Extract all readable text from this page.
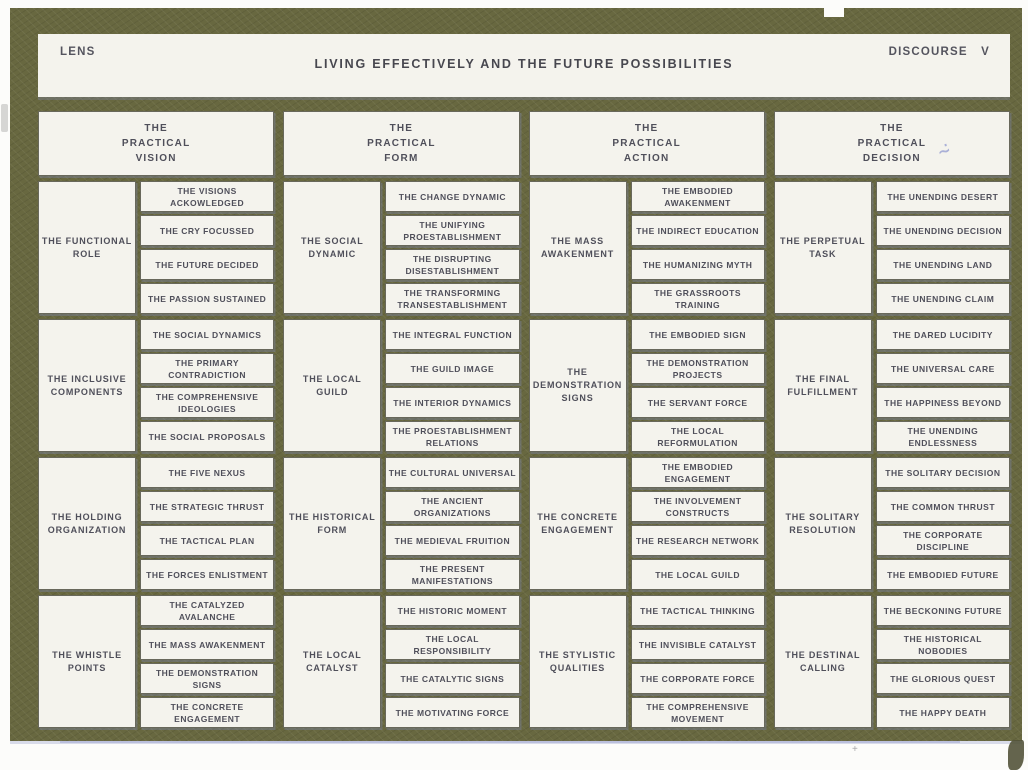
LENS
LIVING EFFECTIVELY AND THE FUTURE POSSIBILITIES
DISCOURSE V
THE PRACTICAL VISION
THE PRACTICAL FORM
THE PRACTICAL ACTION
THE PRACTICAL DECISION
THE FUNCTIONAL ROLE
THE VISIONS ACKOWLEDGED
THE CRY FOCUSSED
THE FUTURE DECIDED
THE PASSION SUSTAINED
THE SOCIAL DYNAMIC
THE CHANGE DYNAMIC
THE UNIFYING PROESTABLISHMENT
THE DISRUPTING DISESTABLISHMENT
THE TRANSFORMING TRANSESTABLISHMENT
THE MASS AWAKENMENT
THE EMBODIED AWAKENMENT
THE INDIRECT EDUCATION
THE HUMANIZING MYTH
THE GRASSROOTS TRAINING
THE PERPETUAL TASK
THE UNENDING DESERT
THE UNENDING DECISION
THE UNENDING LAND
THE UNENDING CLAIM
THE INCLUSIVE COMPONENTS
THE SOCIAL DYNAMICS
THE PRIMARY CONTRADICTION
THE COMPREHENSIVE IDEOLOGIES
THE SOCIAL PROPOSALS
THE LOCAL GUILD
THE INTEGRAL FUNCTION
THE GUILD IMAGE
THE INTERIOR DYNAMICS
THE PROESTABLISHMENT RELATIONS
THE DEMONSTRATION SIGNS
THE EMBODIED SIGN
THE DEMONSTRATION PROJECTS
THE SERVANT FORCE
THE LOCAL REFORMULATION
THE FINAL FULFILLMENT
THE DARED LUCIDITY
THE UNIVERSAL CARE
THE HAPPINESS BEYOND
THE UNENDING ENDLESSNESS
THE HOLDING ORGANIZATION
THE FIVE NEXUS
THE STRATEGIC THRUST
THE TACTICAL PLAN
THE FORCES ENLISTMENT
THE HISTORICAL FORM
THE CULTURAL UNIVERSAL
THE ANCIENT ORGANIZATIONS
THE MEDIEVAL FRUITION
THE PRESENT MANIFESTATIONS
THE CONCRETE ENGAGEMENT
THE EMBODIED ENGAGEMENT
THE INVOLVEMENT CONSTRUCTS
THE RESEARCH NETWORK
THE LOCAL GUILD
THE SOLITARY RESOLUTION
THE SOLITARY DECISION
THE COMMON THRUST
THE CORPORATE DISCIPLINE
THE EMBODIED FUTURE
THE WHISTLE POINTS
THE CATALYZED AVALANCHE
THE MASS AWAKENMENT
THE DEMONSTRATION SIGNS
THE CONCRETE ENGAGEMENT
THE LOCAL CATALYST
THE HISTORIC MOMENT
THE LOCAL RESPONSIBILITY
THE CATALYTIC SIGNS
THE MOTIVATING FORCE
THE STYLISTIC QUALITIES
THE TACTICAL THINKING
THE INVISIBLE CATALYST
THE CORPORATE FORCE
THE COMPREHENSIVE MOVEMENT
THE DESTINAL CALLING
THE BECKONING FUTURE
THE HISTORICAL NOBODIES
THE GLORIOUS QUEST
THE HAPPY DEATH
∼̇
+
